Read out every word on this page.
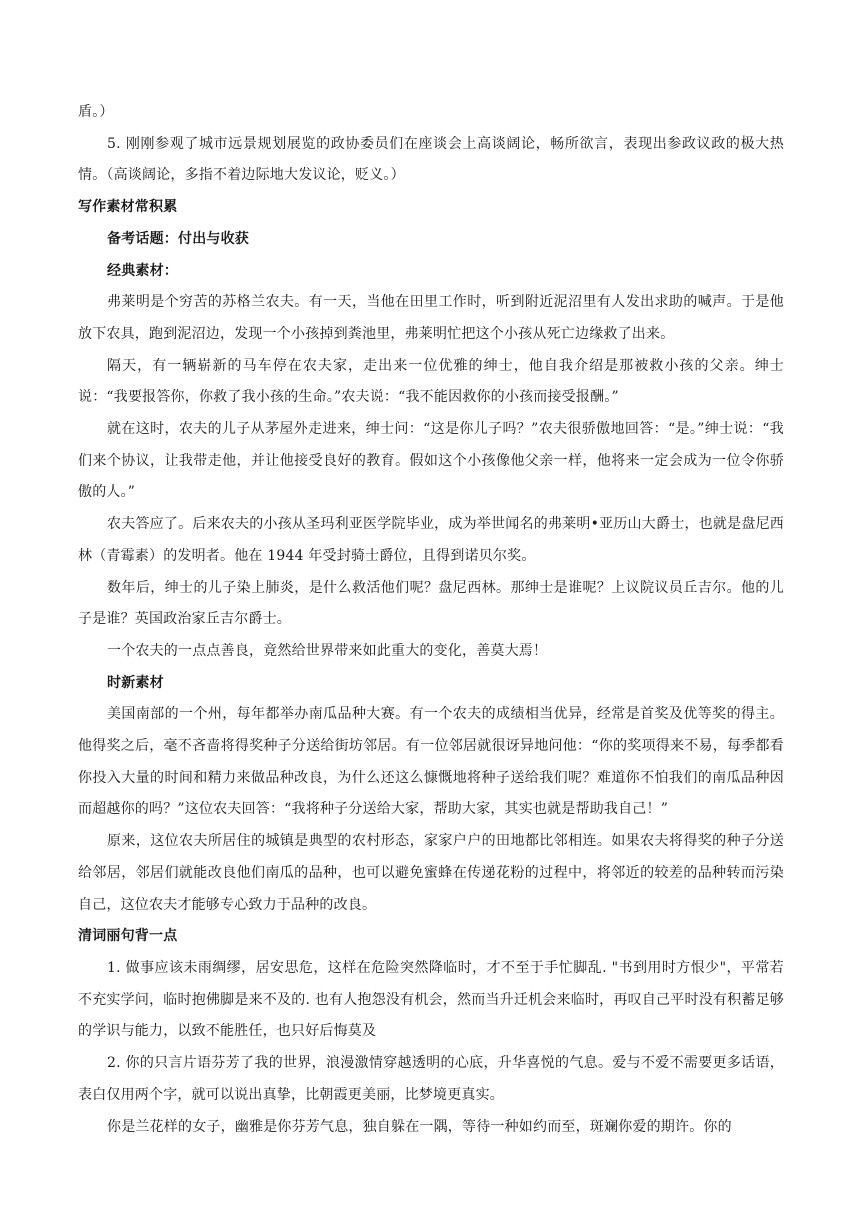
盾。）

5. 刚刚参观了城市远景规划展览的政协委员们在座谈会上高谈阔论，畅所欲言，表现出参政议政的极大热情。（高谈阔论，多指不着边际地大发议论，贬义。）

写作素材常积累

备考话题：付出与收获

经典素材：

弗莱明是个穷苦的苏格兰农夫。有一天，当他在田里工作时，听到附近泥沼里有人发出求助的喊声。于是他放下农具，跑到泥沼边，发现一个小孩掉到粪池里，弗莱明忙把这个小孩从死亡边缘救了出来。

隔天，有一辆崭新的马车停在农夫家，走出来一位优雅的绅士，他自我介绍是那被救小孩的父亲。绅士说：“我要报答你，你救了我小孩的生命。”农夫说：“我不能因救你的小孩而接受报酬。”

就在这时，农夫的儿子从茅屋外走进来，绅士问：“这是你儿子吗？”农夫很骄傲地回答：“是。”绅士说：“我们来个协议，让我带走他，并让他接受良好的教育。假如这个小孩像他父亲一样，他将来一定会成为一位令你骄傲的人。”

农夫答应了。后来农夫的小孩从圣玛利亚医学院毕业，成为举世闻名的弗莱明•亚历山大爵士，也就是盘尼西林（青霉素）的发明者。他在 1944 年受封骑士爵位，且得到诺贝尔奖。

数年后，绅士的儿子染上肺炎，是什么救活他们呢？盘尼西林。那绅士是谁呢？上议院议员丘吉尔。他的儿子是谁？英国政治家丘吉尔爵士。

一个农夫的一点点善良，竟然给世界带来如此重大的变化，善莫大焉！

时新素材

美国南部的一个州，每年都举办南瓜品种大赛。有一个农夫的成绩相当优异，经常是首奖及优等奖的得主。他得奖之后，毫不吝啬将得奖种子分送给街坊邻居。有一位邻居就很讶异地问他：“你的奖项得来不易，每季都看你投入大量的时间和精力来做品种改良，为什么还这么慷慨地将种子送给我们呢？难道你不怕我们的南瓜品种因而超越你的吗？”这位农夫回答：“我将种子分送给大家，帮助大家，其实也就是帮助我自己！”

原来，这位农夫所居住的城镇是典型的农村形态，家家户户的田地都比邻相连。如果农夫将得奖的种子分送给邻居，邻居们就能改良他们南瓜的品种，也可以避免蜜蜂在传递花粉的过程中，将邻近的较差的品种转而污染自己，这位农夫才能够专心致力于品种的改良。

清词丽句背一点

1. 做事应该未雨绸缪，居安思危，这样在危险突然降临时，才不至于手忙脚乱. "书到用时方恨少"，平常若不充实学问，临时抱佛脚是来不及的. 也有人抱怨没有机会，然而当升迁机会来临时，再叹自己平时没有积蓄足够的学识与能力，以致不能胜任，也只好后悔莫及

2. 你的只言片语芬芳了我的世界，浪漫激情穿越透明的心底，升华喜悦的气息。爱与不爱不需要更多话语，表白仅用两个字，就可以说出真挚，比朝霞更美丽，比梦境更真实。

你是兰花样的女子，幽雅是你芬芳气息，独自躲在一隅，等待一种如约而至，斑斓你爱的期许。你的
